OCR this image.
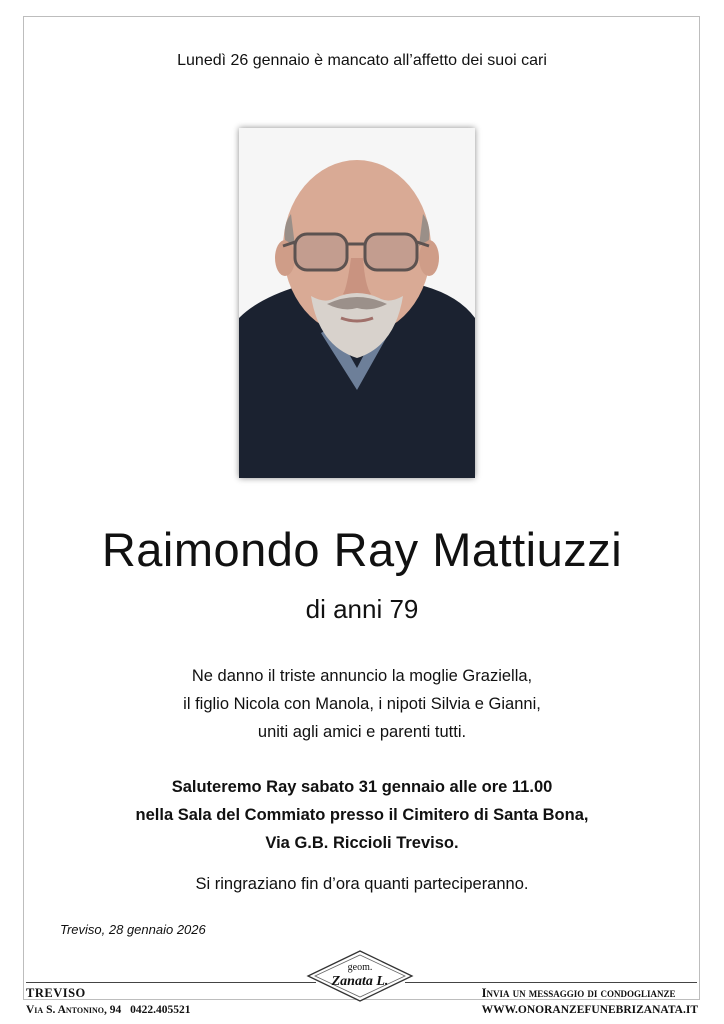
Lunedì 26 gennaio è mancato all’affetto dei suoi cari
Raimondo Ray Mattiuzzi
di anni 79
Ne danno il triste annuncio la moglie Graziella,
il figlio Nicola con Manola, i nipoti Silvia e Gianni,
uniti agli amici e parenti tutti.
Saluteremo Ray sabato 31 gennaio alle ore 11.00
nella Sala del Commiato presso il Cimitero di Santa Bona,
Via G.B. Riccioli Treviso.
Si ringraziano fin d’ora quanti parteciperanno.
Treviso, 28 gennaio 2026
TREVISO
Via S. Antonino, 94 0422.405521
geom.
Zanata L.
Invia un messaggio di condoglianze
WWW.ONORANZEFUNEBRIZANATA.IT
